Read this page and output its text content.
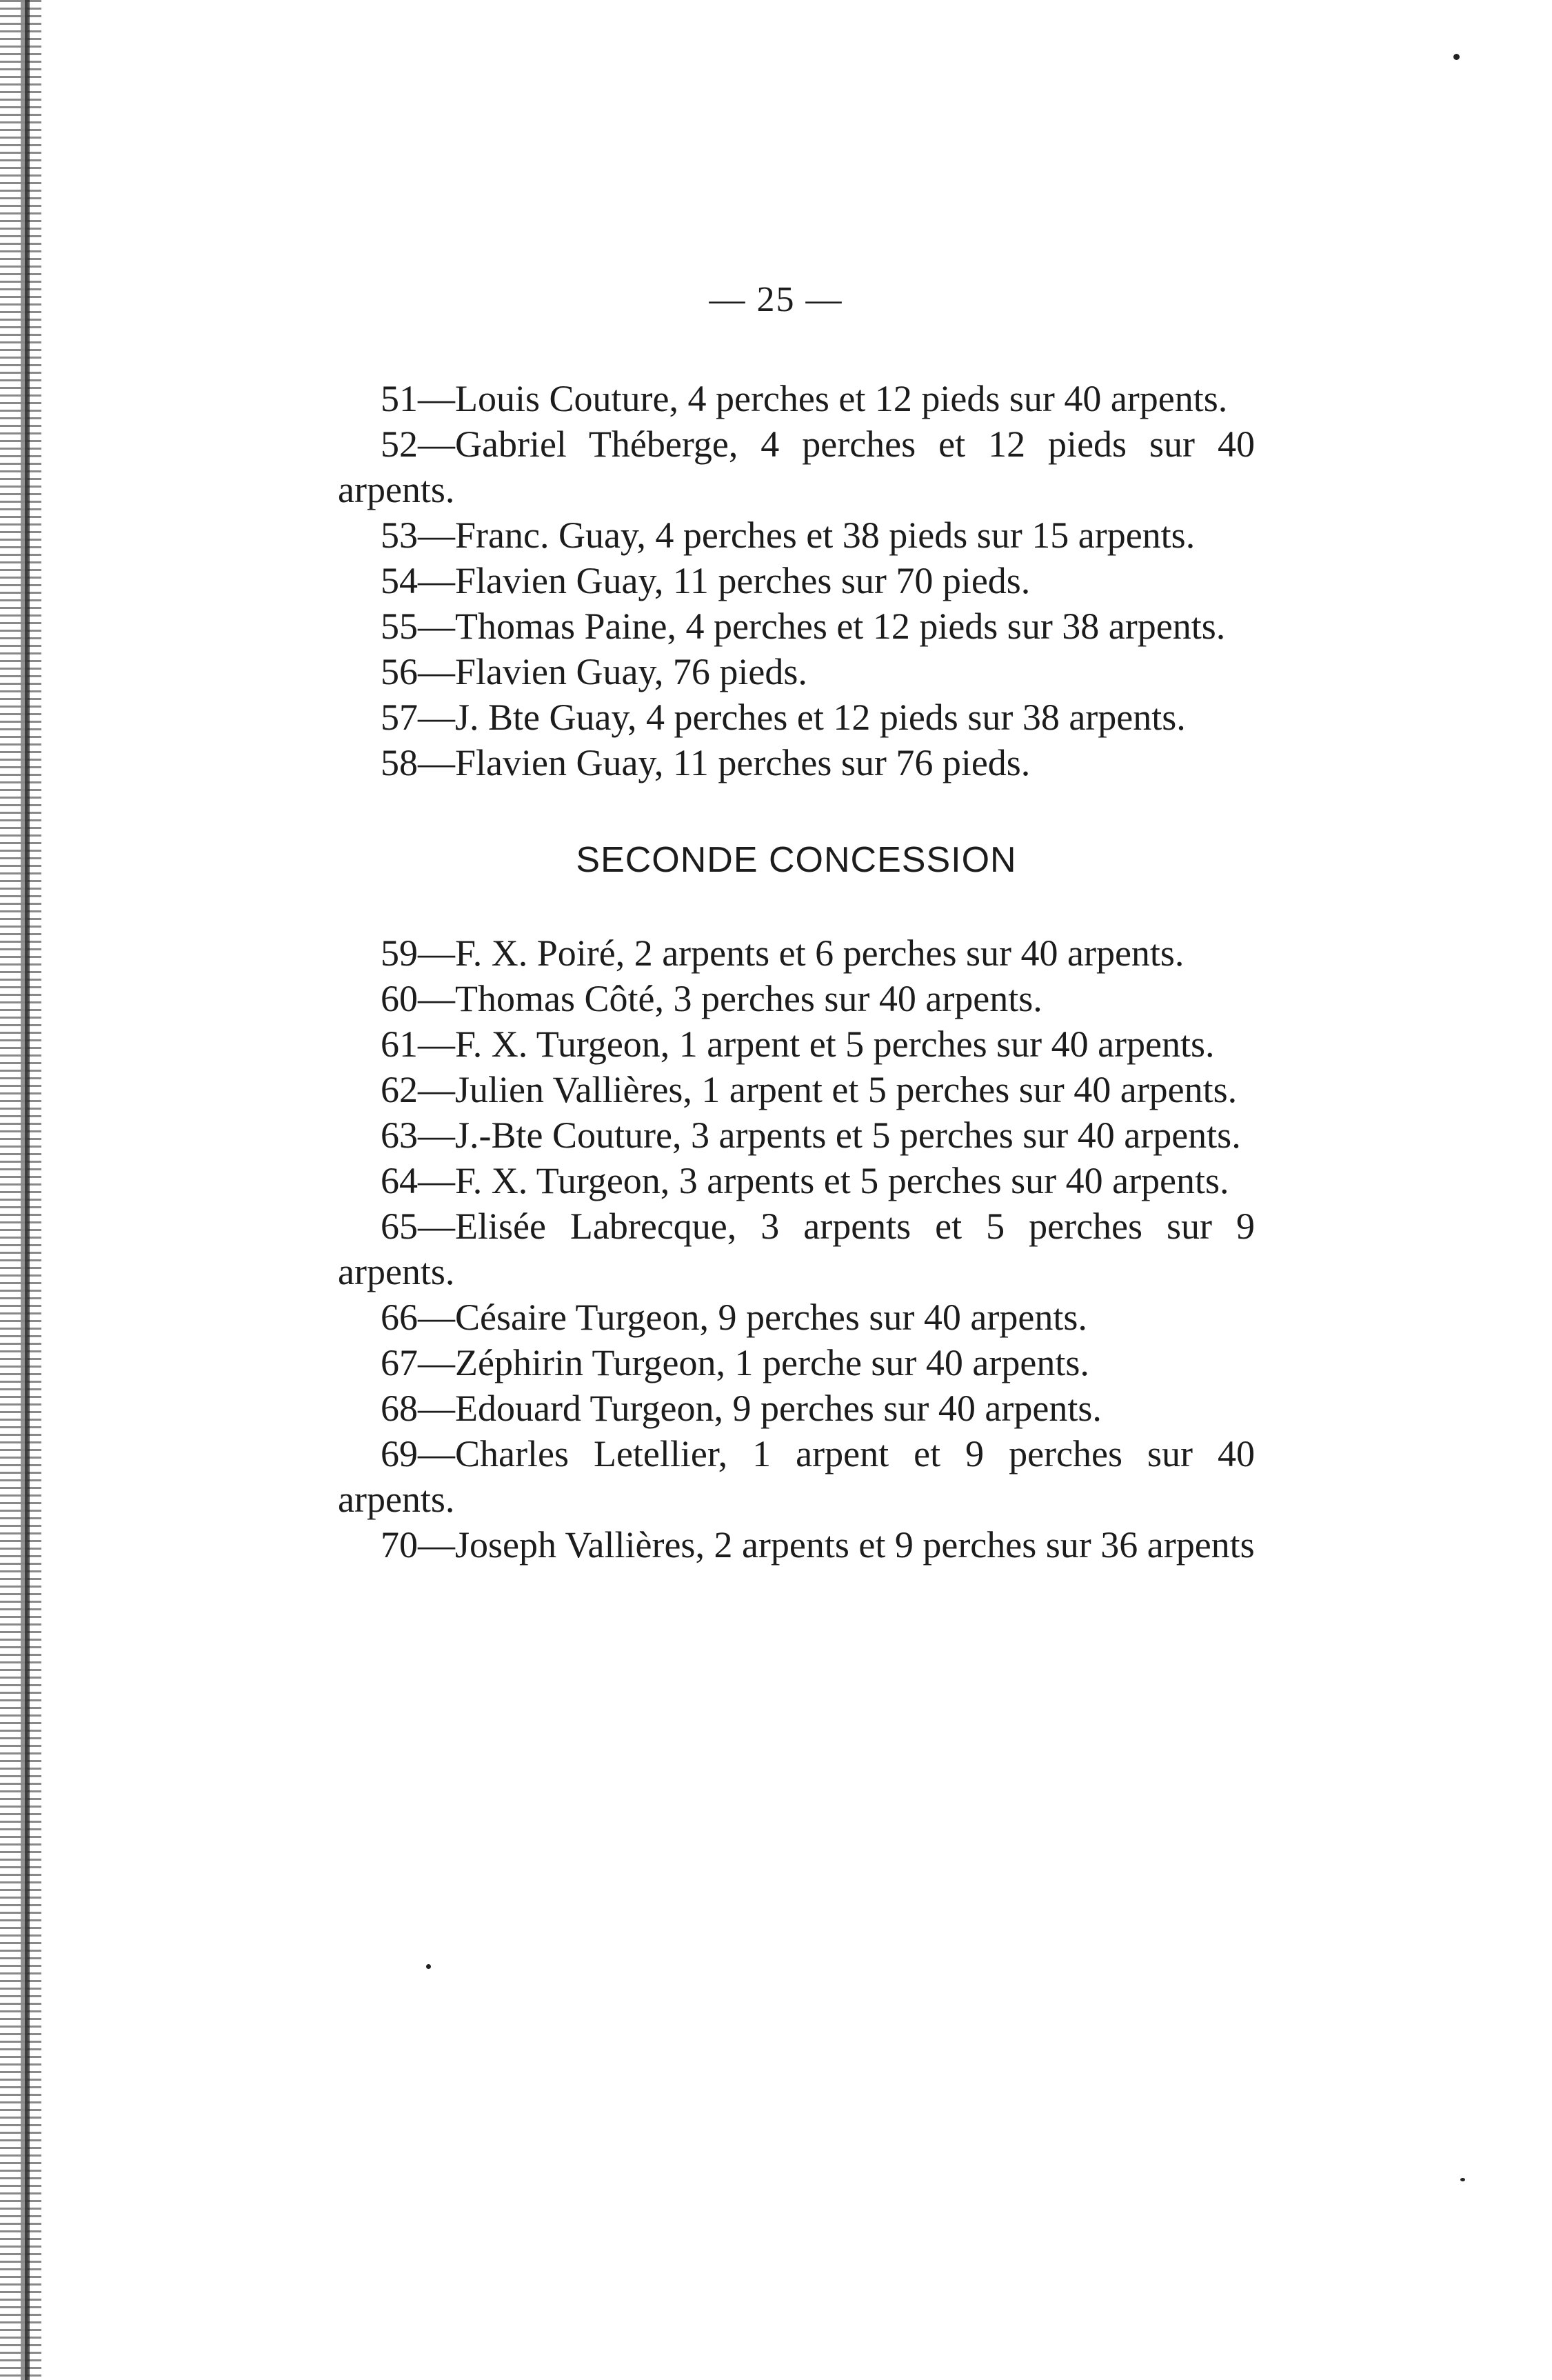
— 25 —

51—Louis Couture, 4 perches et 12 pieds sur 40 arpents.

52—Gabriel Théberge, 4 perches et 12 pieds sur 40 arpents.

53—Franc. Guay, 4 perches et 38 pieds sur 15 arpents.

54—Flavien Guay, 11 perches sur 70 pieds.

55—Thomas Paine, 4 perches et 12 pieds sur 38 arpents.

56—Flavien Guay, 76 pieds.

57—J. Bte Guay, 4 perches et 12 pieds sur 38 arpents.

58—Flavien Guay, 11 perches sur 76 pieds.

SECONDE CONCESSION

59—F. X. Poiré, 2 arpents et 6 perches sur 40 arpents.

60—Thomas Côté, 3 perches sur 40 arpents.

61—F. X. Turgeon, 1 arpent et 5 perches sur 40 arpents.

62—Julien Vallières, 1 arpent et 5 perches sur 40 arpents.

63—J.-Bte Couture, 3 arpents et 5 perches sur 40 arpents.

64—F. X. Turgeon, 3 arpents et 5 perches sur 40 arpents.

65—Elisée Labrecque, 3 arpents et 5 perches sur 9 arpents.

66—Césaire Turgeon, 9 perches sur 40 arpents.

67—Zéphirin Turgeon, 1 perche sur 40 arpents.

68—Edouard Turgeon, 9 perches sur 40 arpents.

69—Charles Letellier, 1 arpent et 9 perches sur 40 arpents.

70—Joseph Vallières, 2 arpents et 9 perches sur 36 arpents
